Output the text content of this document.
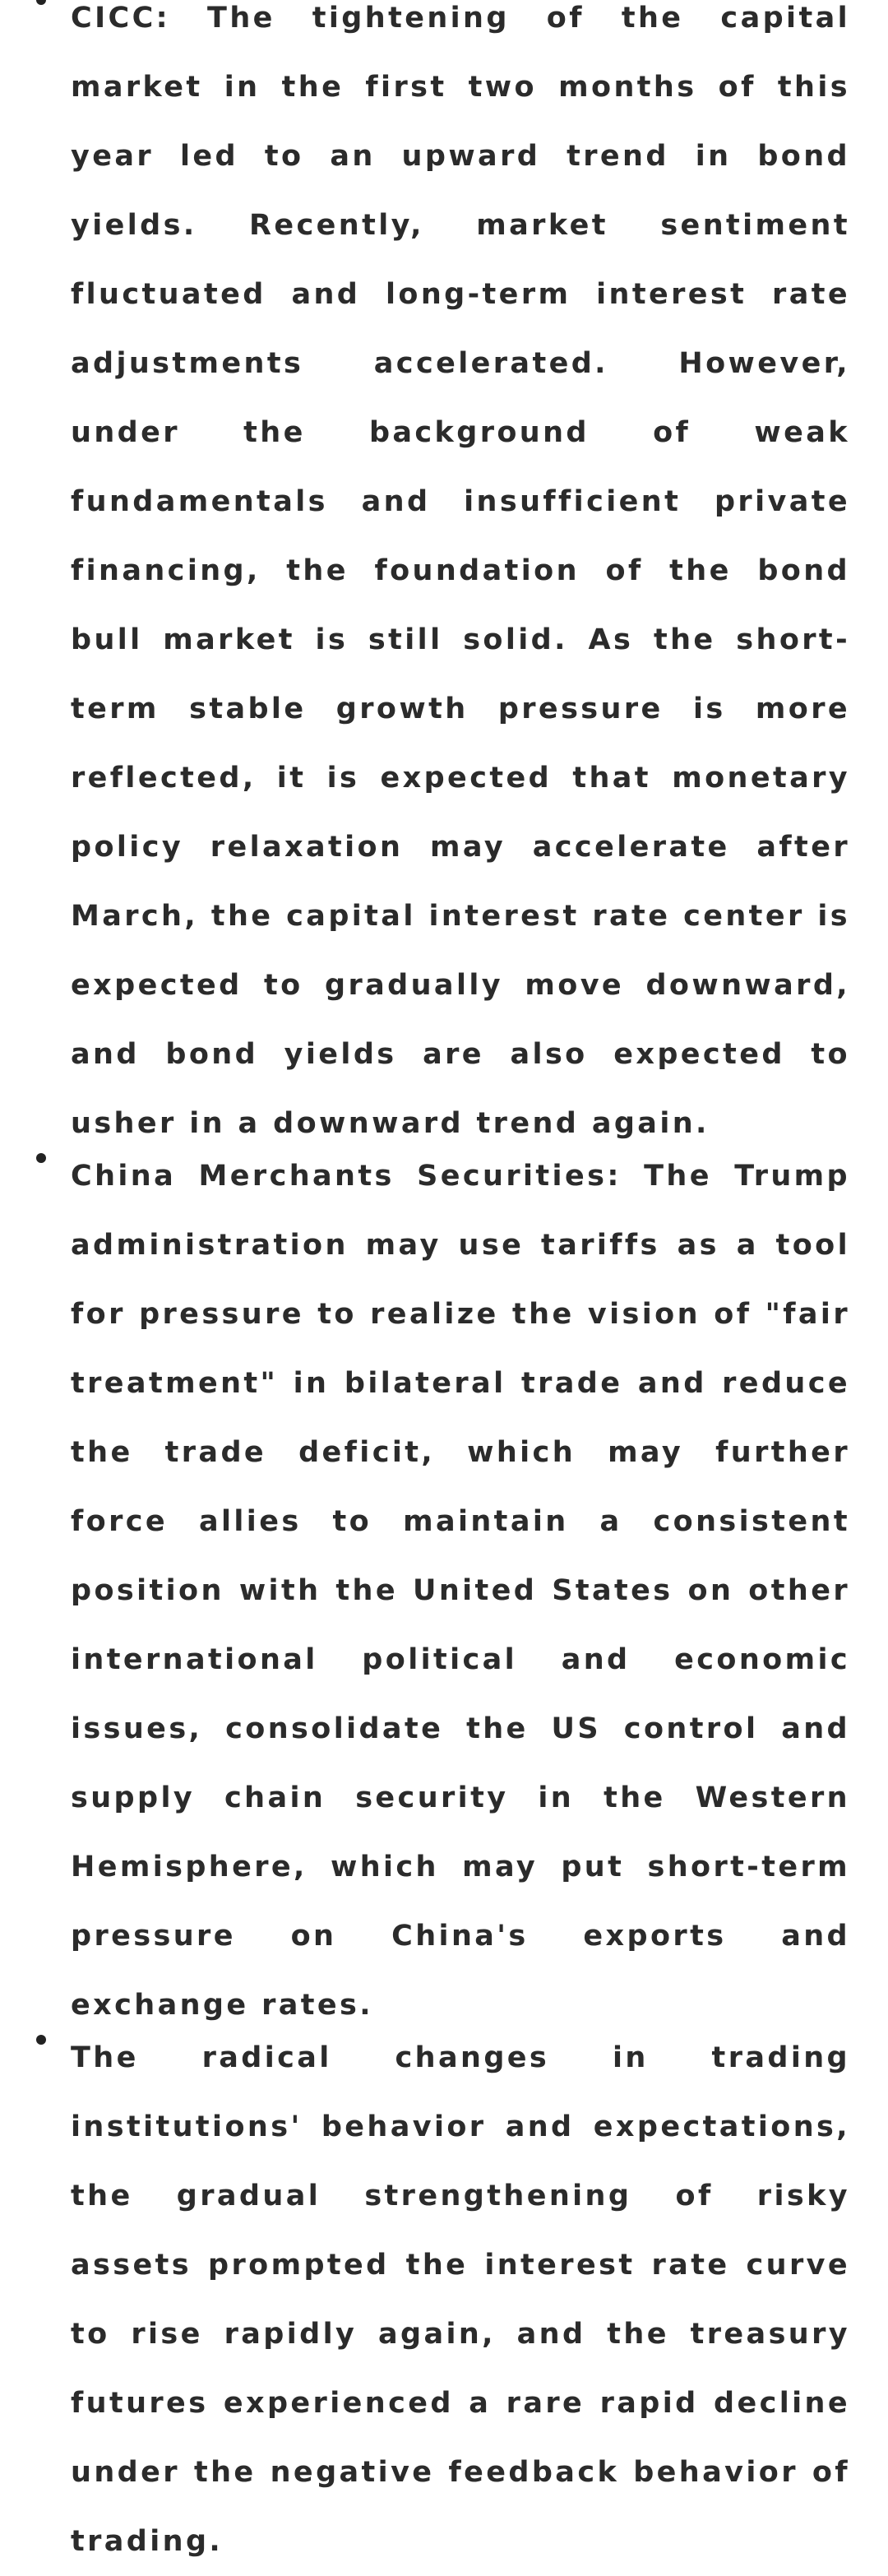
CICC: The tightening of the capital market in the first two months of this year led to an upward trend in bond yields. Recently, market sentiment fluctuated and long-term interest rate adjustments accelerated. However, under the background of weak fundamentals and insufficient private financing, the foundation of the bond bull market is still solid. As the short-term stable growth pressure is more reflected, it is expected that monetary policy relaxation may accelerate after March, the capital interest rate center is expected to gradually move downward, and bond yields are also expected to usher in a downward trend again.
China Merchants Securities: The Trump administration may use tariffs as a tool for pressure to realize the vision of "fair treatment" in bilateral trade and reduce the trade deficit, which may further force allies to maintain a consistent position with the United States on other international political and economic issues, consolidate the US control and supply chain security in the Western Hemisphere, which may put short-term pressure on China's exports and exchange rates.
The radical changes in trading institutions' behavior and expectations, the gradual strengthening of risky assets prompted the interest rate curve to rise rapidly again, and the treasury futures experienced a rare rapid decline under the negative feedback behavior of trading.
